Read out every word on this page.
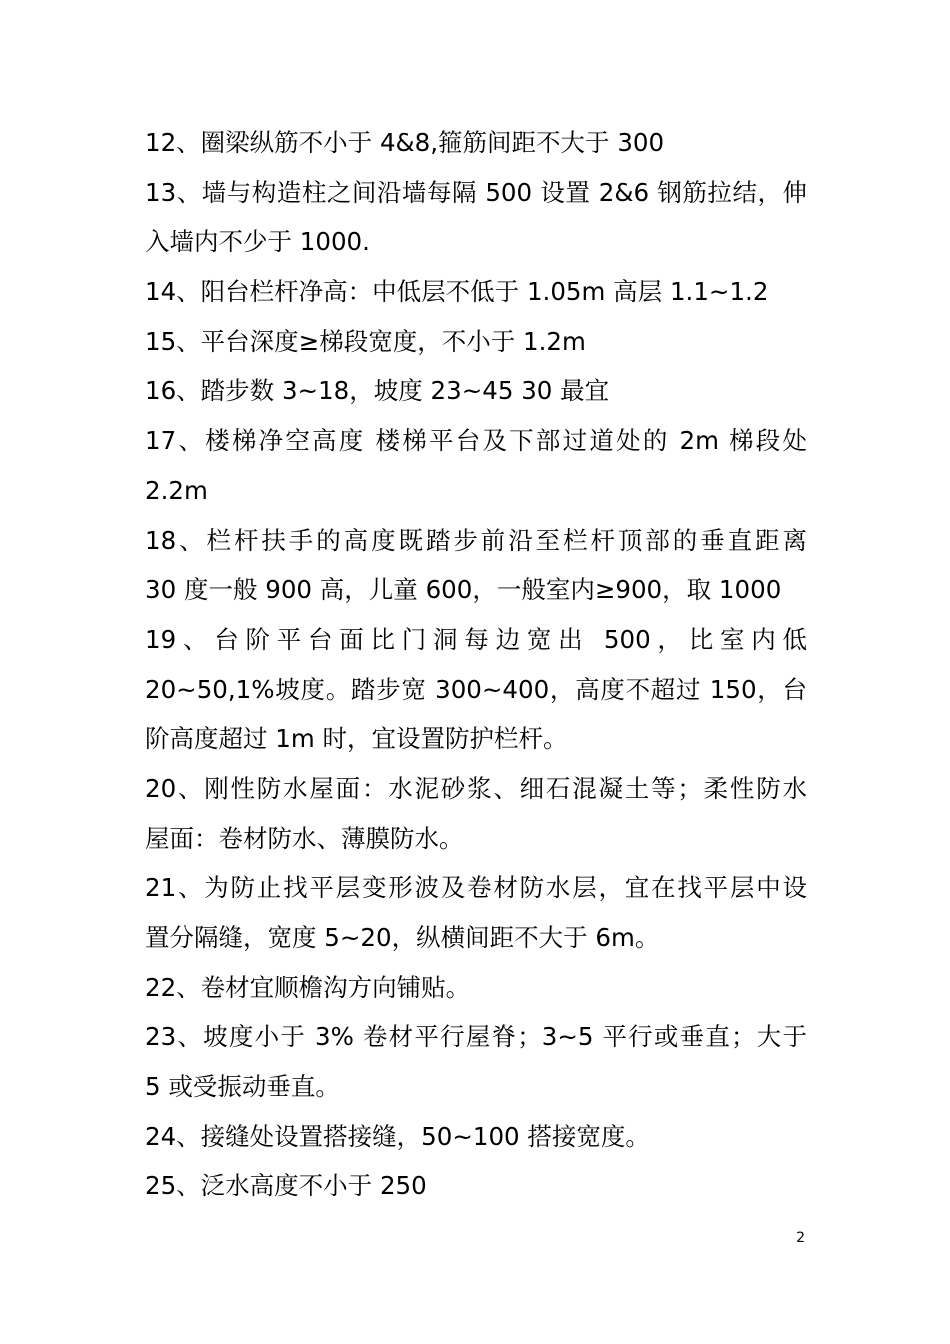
12、圈梁纵筋不小于 4&8,箍筋间距不大于 300
13、墙与构造柱之间沿墙每隔 500 设置 2&6 钢筋拉结，伸
入墙内不少于 1000.
14、阳台栏杆净高：中低层不低于 1.05m 高层 1.1~1.2
15、平台深度≥梯段宽度，不小于 1.2m
16、踏步数 3~18，坡度 23~45 30 最宜
17、楼梯净空高度 楼梯平台及下部过道处的 2m 梯段处
2.2m
18、栏杆扶手的高度既踏步前沿至栏杆顶部的垂直距离
30 度一般 900 高，儿童 600，一般室内≥900，取 1000
19、台阶平台面比门洞每边宽出 500，比室内低
20~50,1%坡度。踏步宽 300~400，高度不超过 150，台
阶高度超过 1m 时，宜设置防护栏杆。
20、刚性防水屋面：水泥砂浆、细石混凝土等；柔性防水
屋面：卷材防水、薄膜防水。
21、为防止找平层变形波及卷材防水层，宜在找平层中设
置分隔缝，宽度 5~20，纵横间距不大于 6m。
22、卷材宜顺檐沟方向铺贴。
23、坡度小于 3% 卷材平行屋脊；3~5 平行或垂直；大于
5 或受振动垂直。
24、接缝处设置搭接缝，50~100 搭接宽度。
25、泛水高度不小于 250
2
